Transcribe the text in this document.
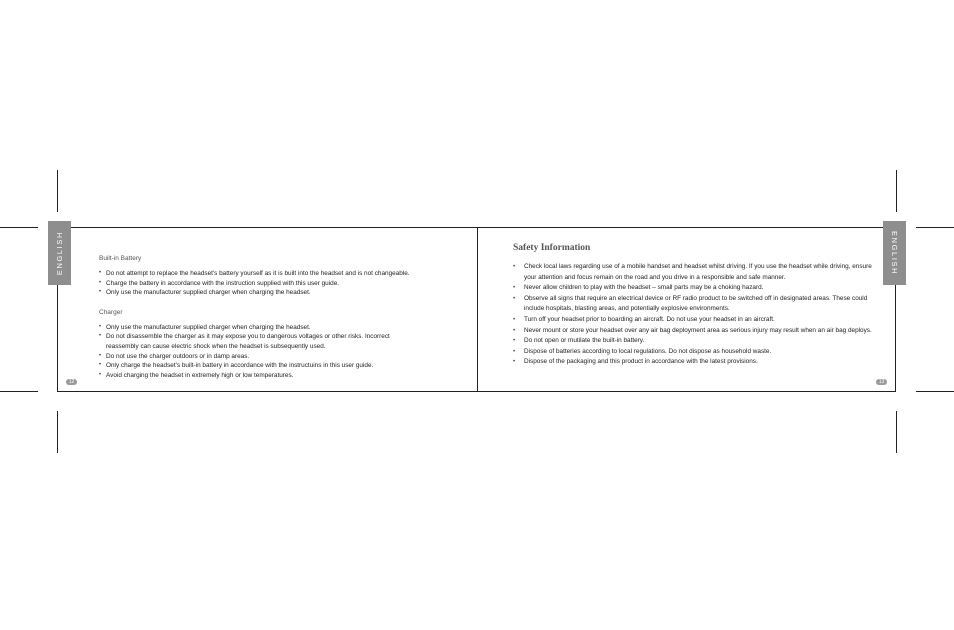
ENGLISH	ENGLISH
12	13

Built-in Battery

• Do not attempt to replace the headset's battery yourself as it is built into the headset and is not changeable.
• Charge the battery in accordance with the instruction supplied with this user guide.
• Only use the manufacturer supplied charger when charging the headset.

Charger

• Only use the manufacturer supplied charger when charging the headset.
• Do not disassemble the charger as it may expose you to dangerous voltages or other risks. Incorrect reassembly can cause electric shock when the headset is subsequently used.
• Do not use the charger outdoors or in damp areas.
• Only charge the headset's built-in battery in accordance with the instructuins in this user guide.
• Avoid charging the headset in extremely high or low temperatures.
Safety Information
• Check local laws regarding use of a mobile handset and headset whilst driving. If you use the headset while driving, ensure your attention and focus remain on the road and you drive in a responsible and safe manner.
• Never allow children to play with the headset – small parts may be a choking hazard.
• Observe all signs that require an electrical device or RF radio product to be switched off in designated areas. These could include hospitals, blasting areas, and potentially explosive environments.
• Turn off your headset prior to boarding an aircraft. Do not use your headset in an aircraft.
• Never mount or store your headset over any air bag deployment area as serious injury may result when an air bag deploys.
• Do not open or mutilate the built-in battery.
• Dispose of batteries according to local regulations. Do not dispose as household waste.
• Dispose of the packaging and this product in accordance with the latest provisions.
